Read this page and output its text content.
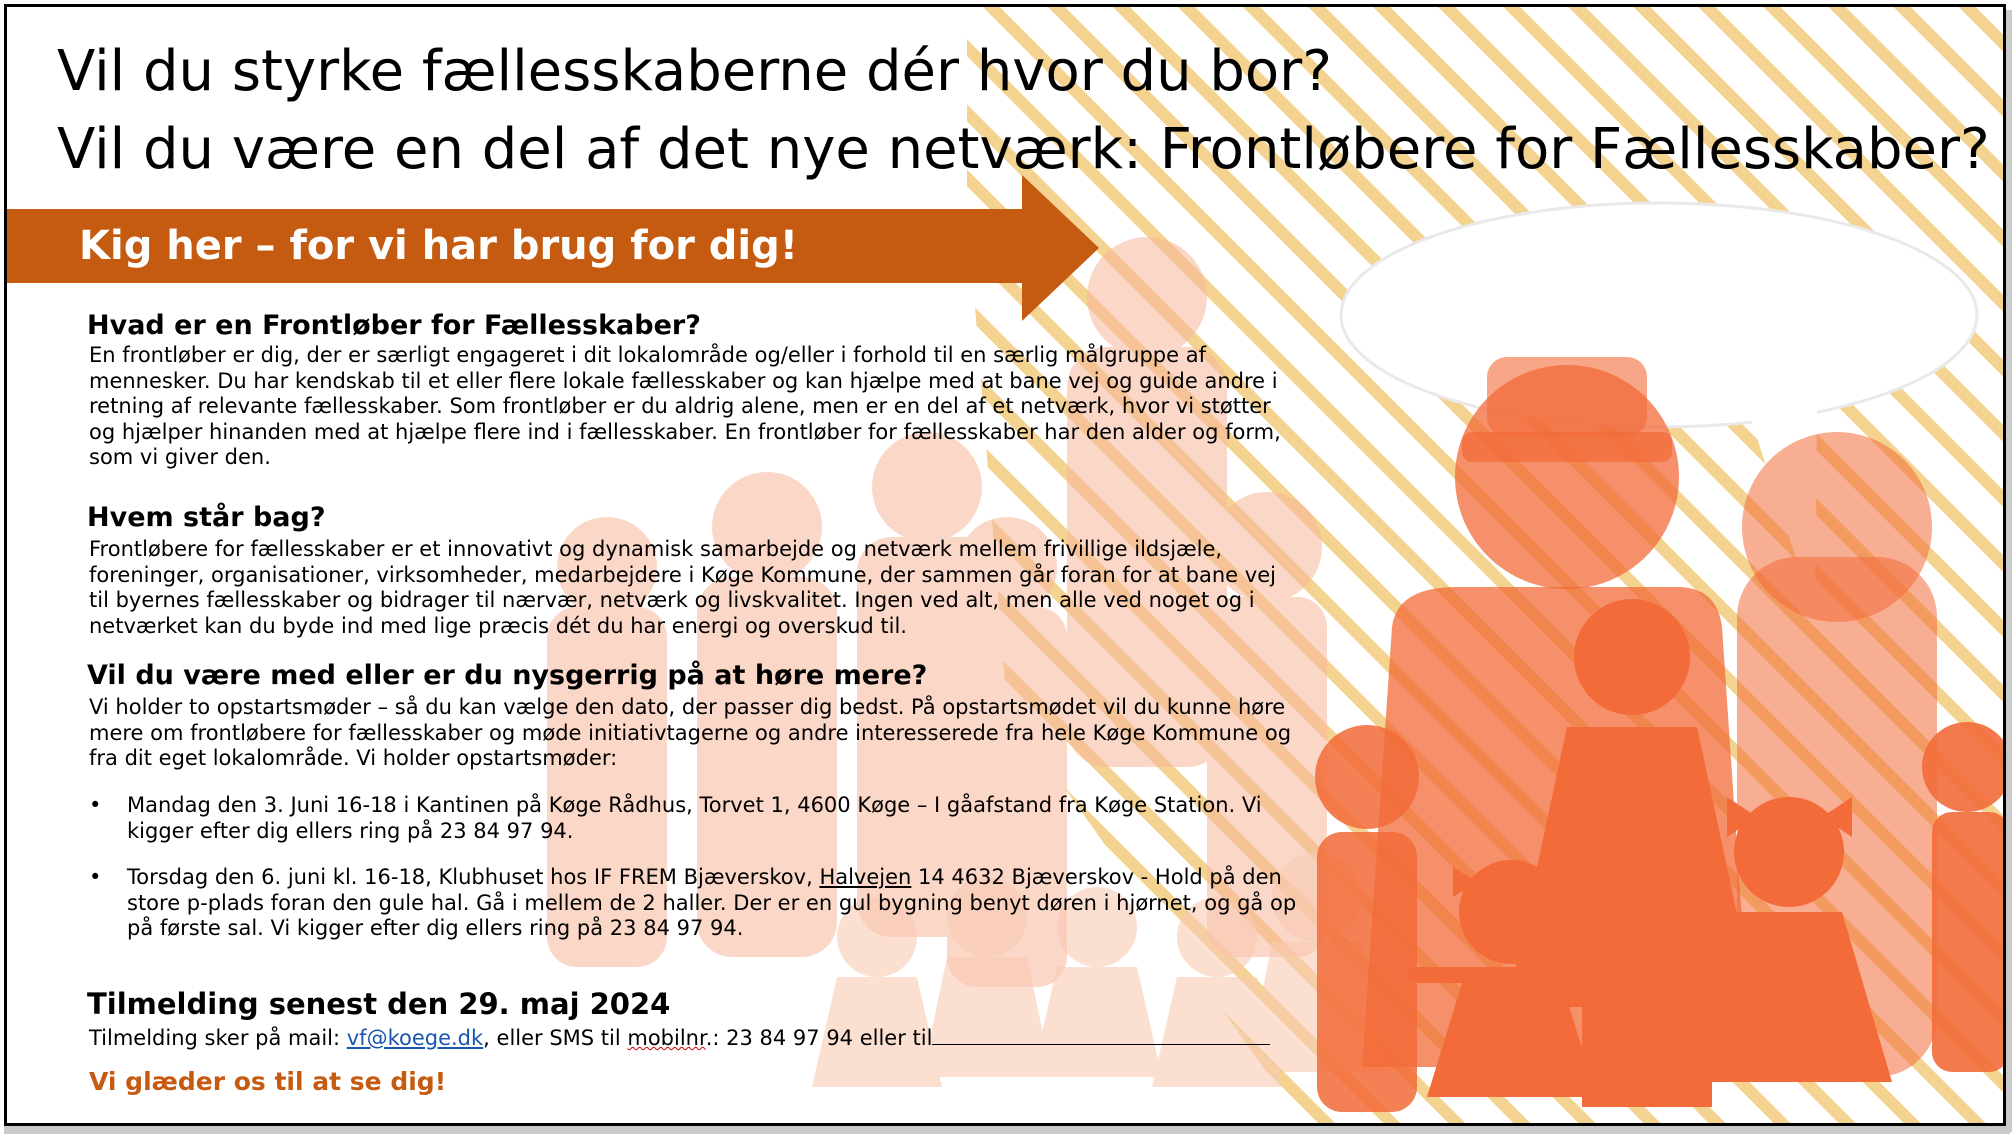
Vil du styrke fællesskaberne dér hvor du bor?
Vil du være en del af det nye netværk: Frontløbere for Fællesskaber?
Kig her – for vi har brug for dig!
Hvad er en Frontløber for Fællesskaber?
En frontløber er dig, der er særligt engageret i dit lokalområde og/eller i forhold til en særlig målgruppe af
mennesker. Du har kendskab til et eller flere lokale fællesskaber og kan hjælpe med at bane vej og guide andre i
retning af relevante fællesskaber. Som frontløber er du aldrig alene, men er en del af et netværk, hvor vi støtter
og hjælper hinanden med at hjælpe flere ind i fællesskaber. En frontløber for fællesskaber har den alder og form,
som vi giver den.
Hvem står bag?
Frontløbere for fællesskaber er et innovativt og dynamisk samarbejde og netværk mellem frivillige ildsjæle,
foreninger, organisationer, virksomheder, medarbejdere i Køge Kommune, der sammen går foran for at bane vej
til byernes fællesskaber og bidrager til nærvær, netværk og livskvalitet. Ingen ved alt, men alle ved noget og i
netværket kan du byde ind med lige præcis dét du har energi og overskud til.
Vil du være med eller er du nysgerrig på at høre mere?
Vi holder to opstartsmøder – så du kan vælge den dato, der passer dig bedst. På opstartsmødet vil du kunne høre
mere om frontløbere for fællesskaber og møde initiativtagerne og andre interesserede fra hele Køge Kommune og
fra dit eget lokalområde. Vi holder opstartsmøder:
• Mandag den 3. Juni 16-18 i Kantinen på Køge Rådhus, Torvet 1, 4600 Køge – I gåafstand fra Køge Station. Vi
kigger efter dig ellers ring på 23 84 97 94.
• Torsdag den 6. juni kl. 16-18, Klubhuset hos IF FREM Bjæverskov, Halvejen 14 4632 Bjæverskov - Hold på den
store p-plads foran den gule hal. Gå i mellem de 2 haller. Der er en gul bygning benyt døren i hjørnet, og gå op
på første sal. Vi kigger efter dig ellers ring på 23 84 97 94.
Tilmelding senest den 29. maj 2024
Tilmelding sker på mail: vf@koege.dk, eller SMS til mobilnr.: 23 84 97 94 eller til
Vi glæder os til at se dig!
